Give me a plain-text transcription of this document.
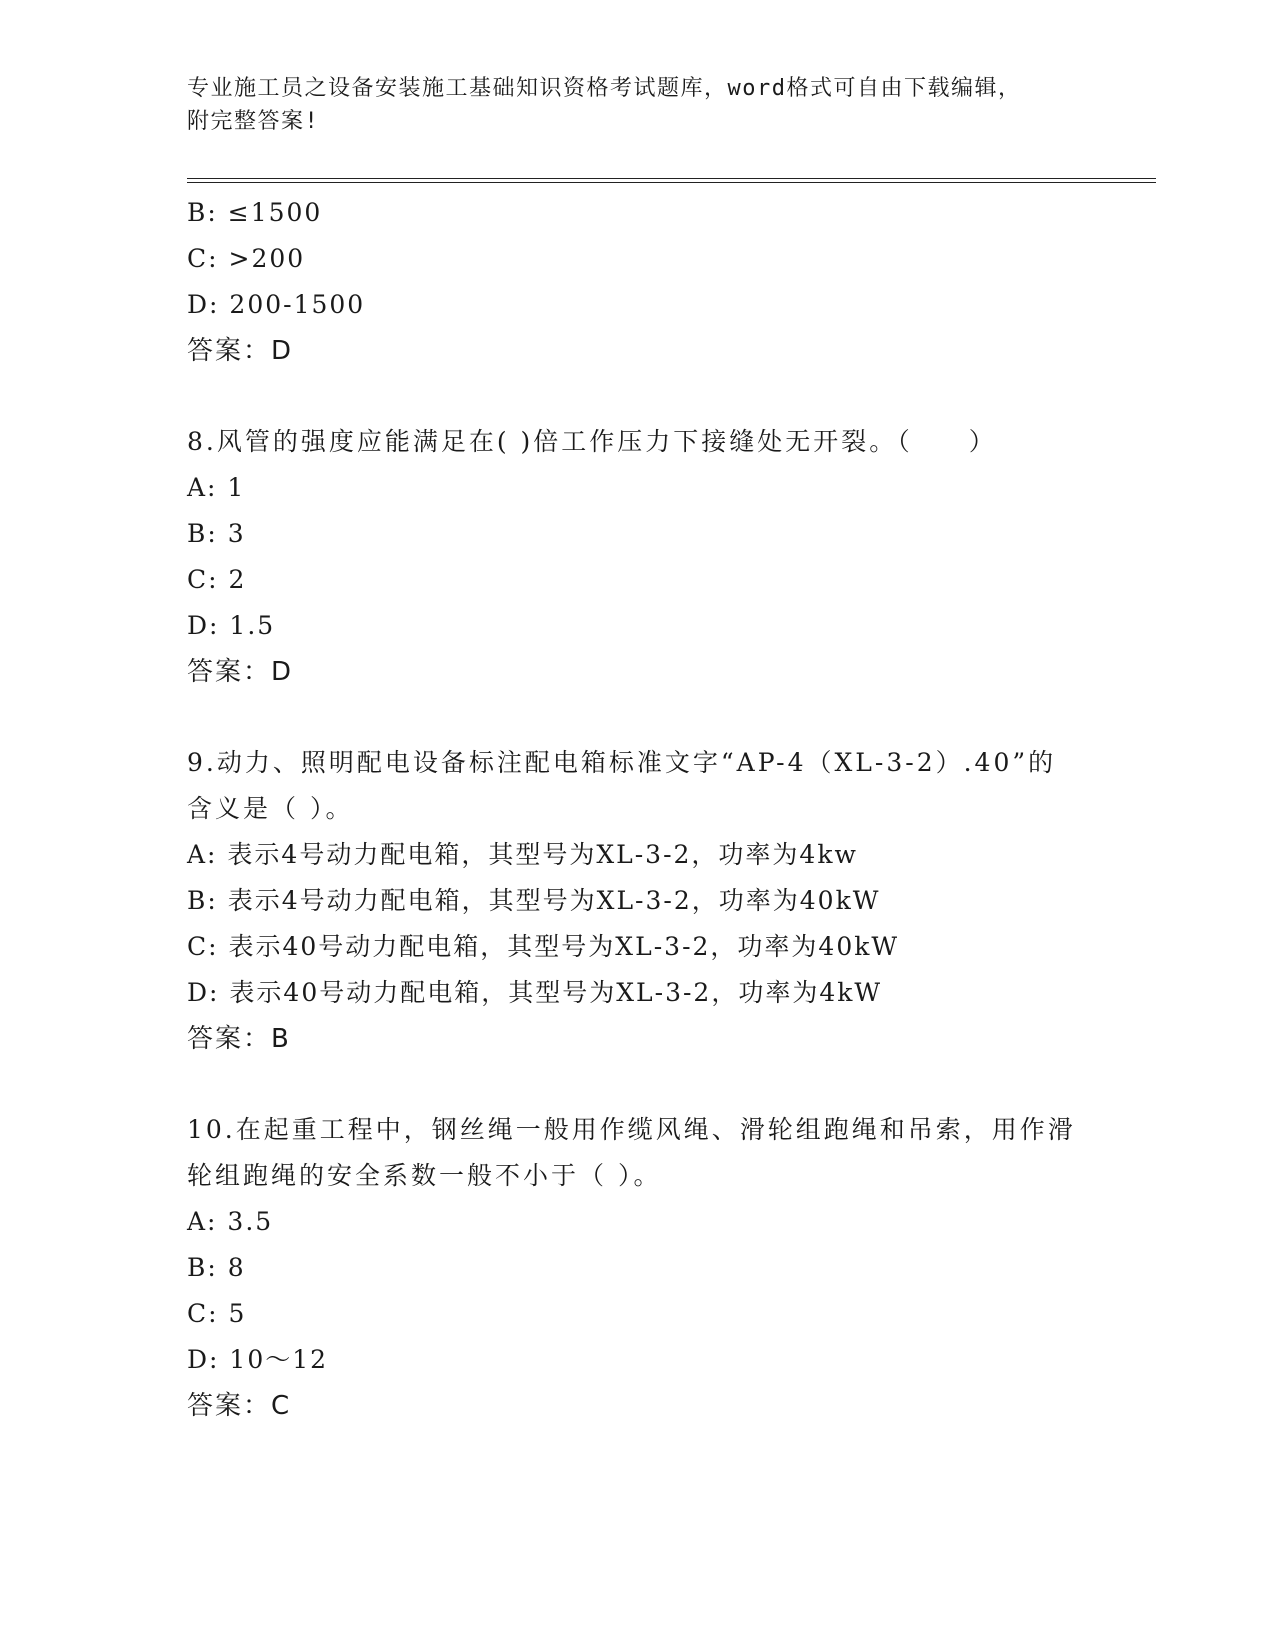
专业施工员之设备安装施工基础知识资格考试题库，word格式可自由下载编辑，
附完整答案!
B: ≤1500
C: >200
D: 200-1500
答案：D
8.风管的强度应能满足在( )倍工作压力下接缝处无开裂。（　　）
A: 1
B: 3
C: 2
D: 1.5
答案：D
9.动力、照明配电设备标注配电箱标准文字“AP-4（XL-3-2）.40”的含义是（ ）。
A: 表示4号动力配电箱，其型号为XL-3-2，功率为4kw
B: 表示4号动力配电箱，其型号为XL-3-2，功率为40kW
C: 表示40号动力配电箱，其型号为XL-3-2，功率为40kW
D: 表示40号动力配电箱，其型号为XL-3-2，功率为4kW
答案：B
10.在起重工程中，钢丝绳一般用作缆风绳、滑轮组跑绳和吊索，用作滑轮组跑绳的安全系数一般不小于（ ）。
A: 3.5
B: 8
C: 5
D: 10～12
答案：C
